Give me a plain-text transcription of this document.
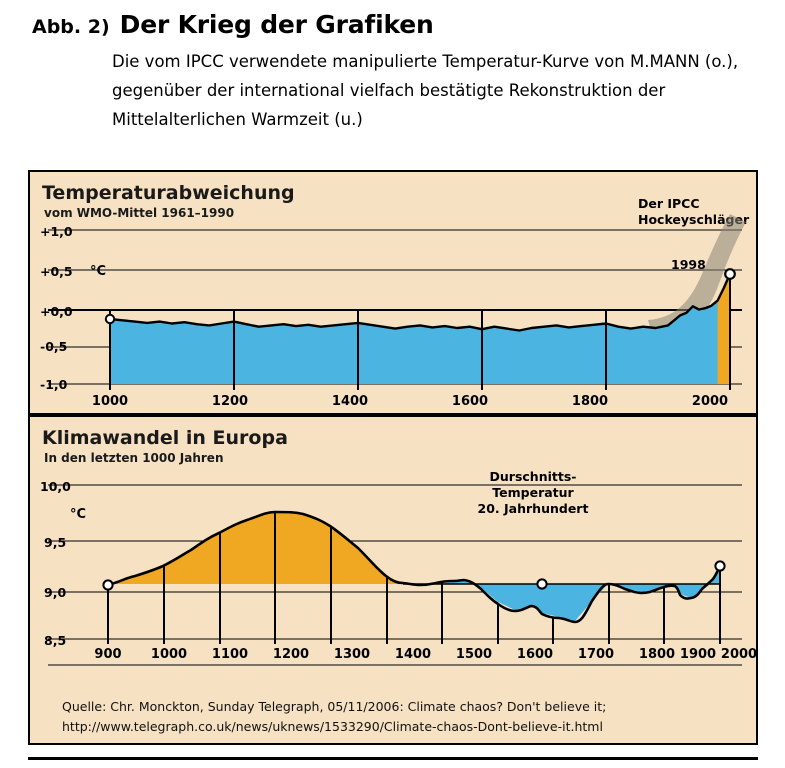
Abb. 2) Der Krieg der Grafiken
Die vom IPCC verwendete manipulierte Temperatur-Kurve von M.MANN (o.), gegenüber der international vielfach bestätigte Rekonstruktion der Mittelalterlichen Warmzeit (u.)
Temperaturabweichung
vom WMO-Mittel 1961–1990
+1,0
+0,5
+0,0
-0,5
-1,0
°C
1000	1200	1400	1600	1800	2000
Der IPCC
Hockeyschläger
1998
Klimawandel in Europa
In den letzten 1000 Jahren
10,0
9,5
9,0
8,5
°C
Durschnitts-
Temperatur
20. Jahrhundert
900	1000	1100	1200	1300	1400	1500	1600	1700	1800 1900 2000
Quelle: Chr. Monckton, Sunday Telegraph, 05/11/2006: Climate chaos? Don't believe it;
http://www.telegraph.co.uk/news/uknews/1533290/Climate-chaos-Dont-believe-it.html
